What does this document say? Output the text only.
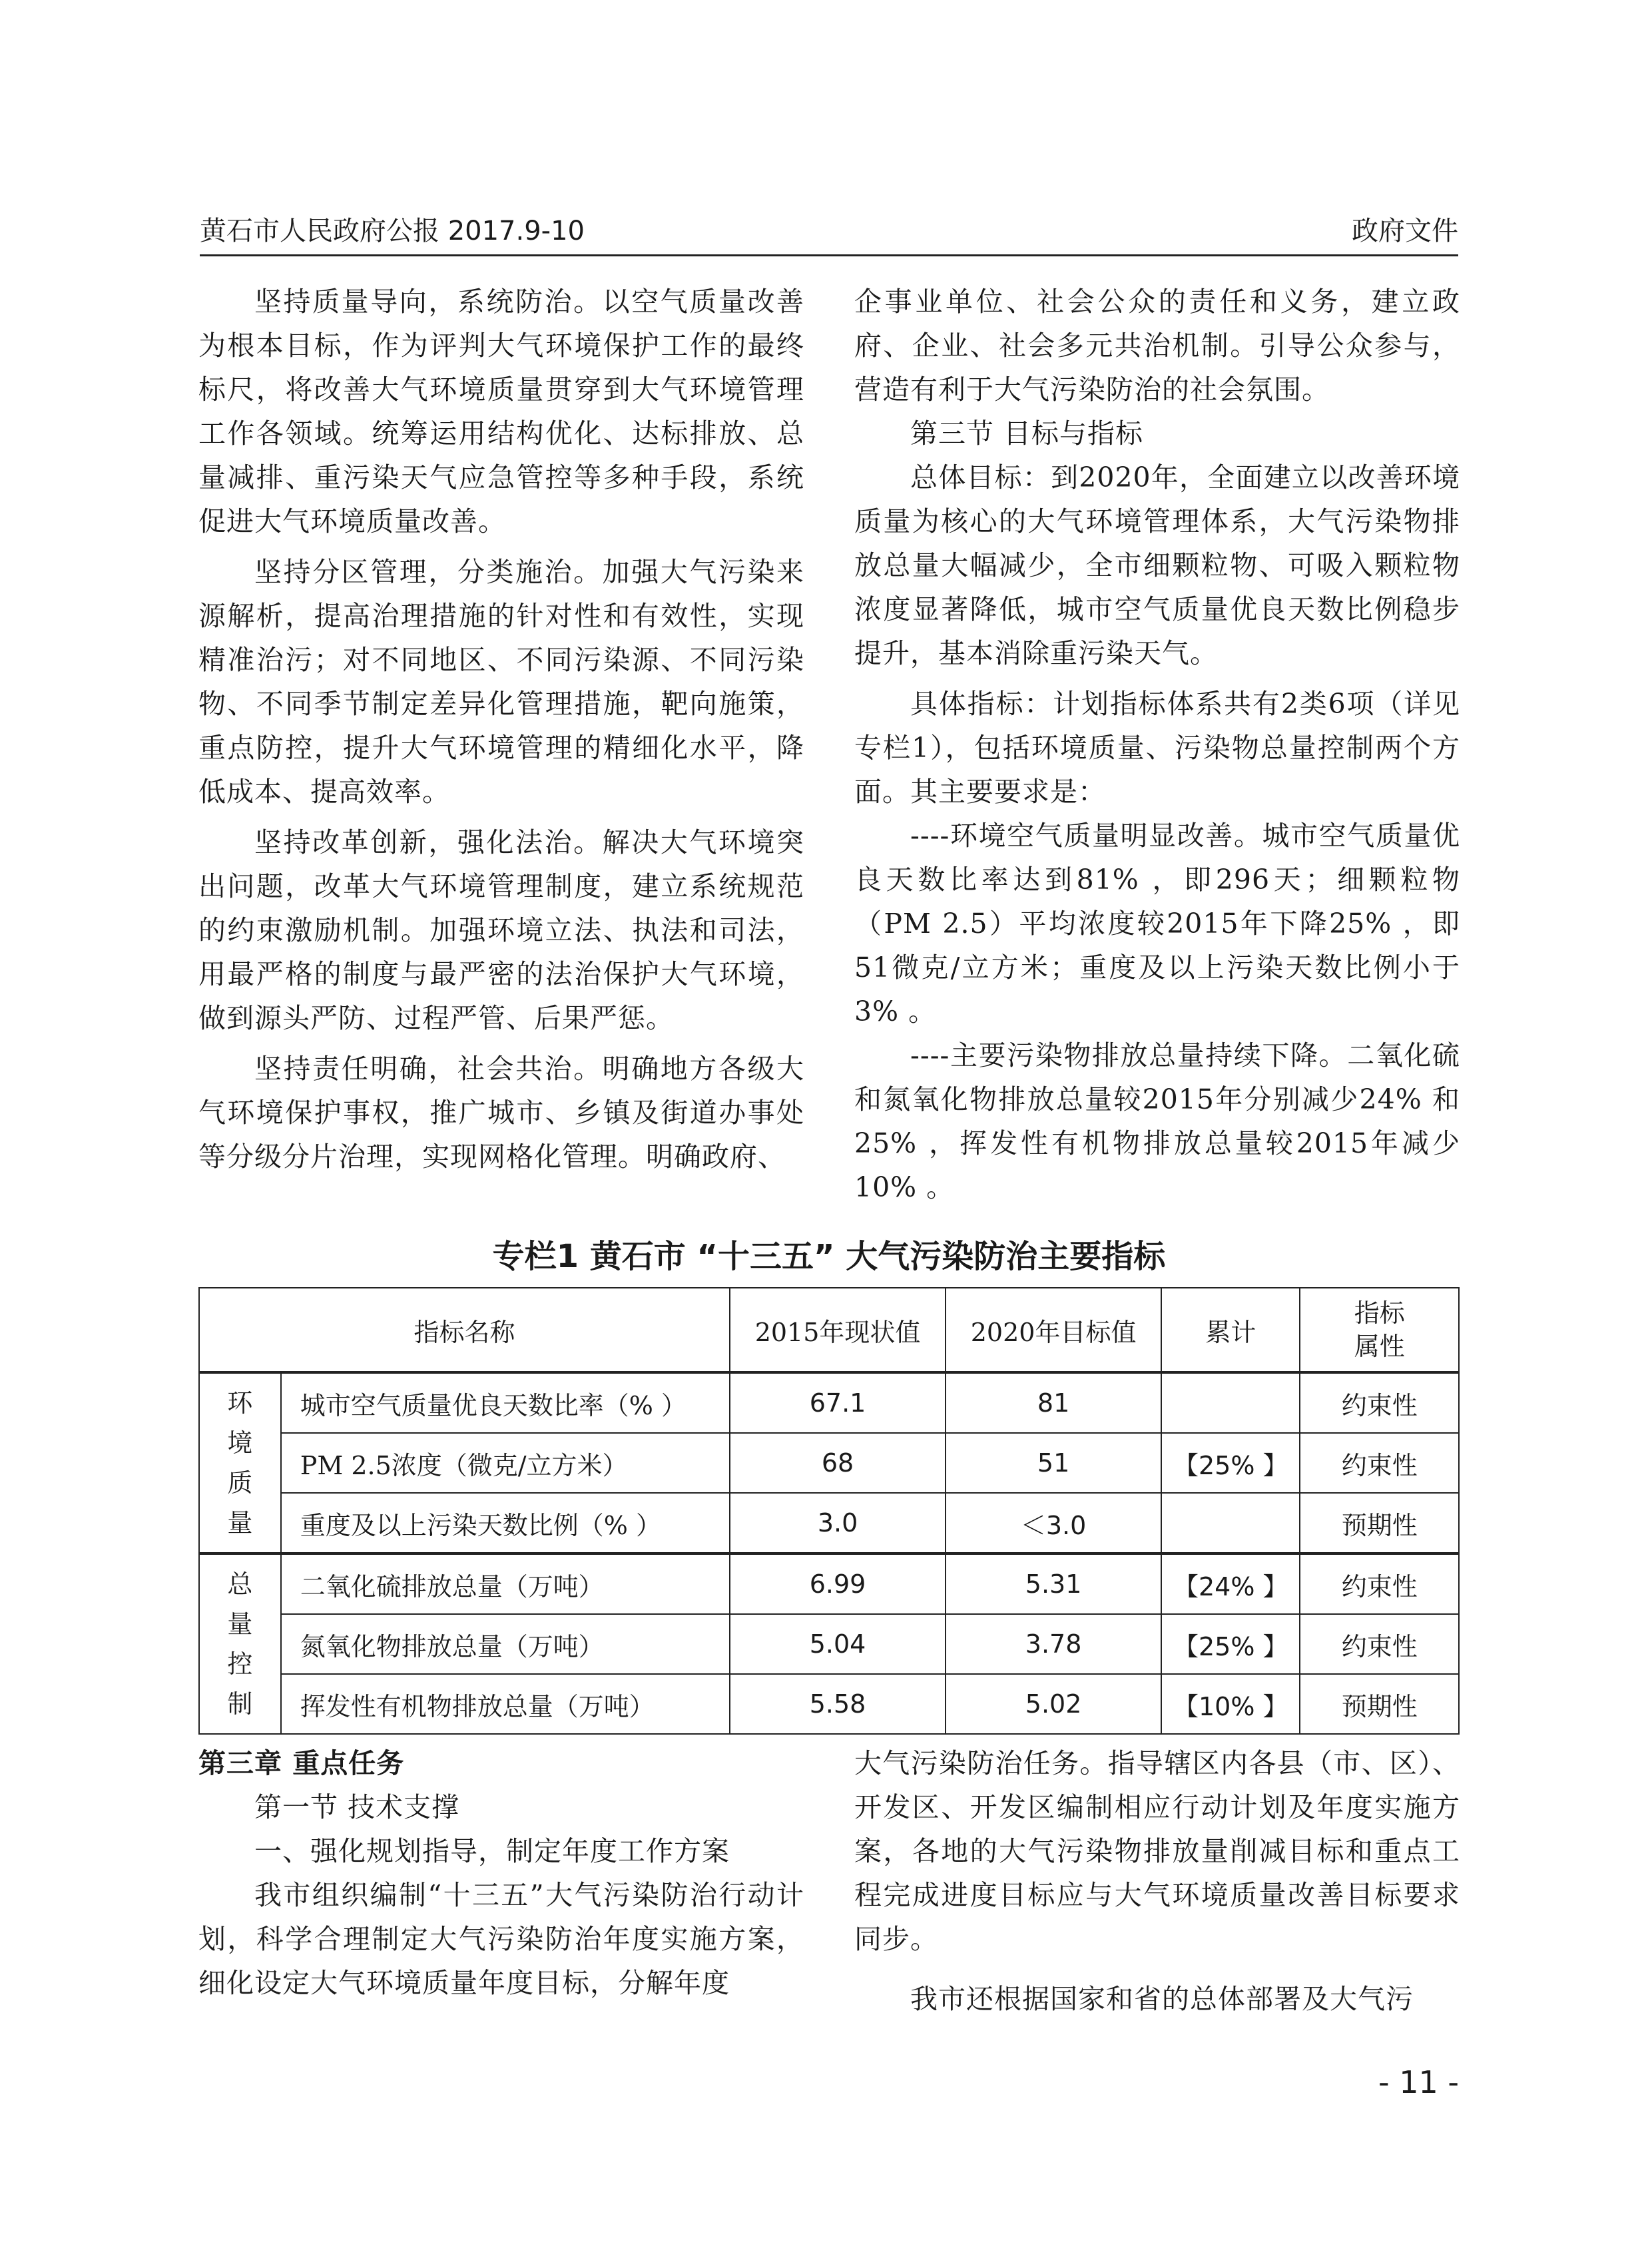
黄石市人民政府公报 2017.9-10	政府文件

坚持质量导向，系统防治。以空气质量改善为根本目标，作为评判大气环境保护工作的最终标尺，将改善大气环境质量贯穿到大气环境管理工作各领域。统筹运用结构优化、达标排放、总量减排、重污染天气应急管控等多种手段，系统促进大气环境质量改善。

坚持分区管理，分类施治。加强大气污染来源解析，提高治理措施的针对性和有效性，实现精准治污；对不同地区、不同污染源、不同污染物、不同季节制定差异化管理措施，靶向施策，重点防控，提升大气环境管理的精细化水平，降低成本、提高效率。

坚持改革创新，强化法治。解决大气环境突出问题，改革大气环境管理制度，建立系统规范的约束激励机制。加强环境立法、执法和司法，用最严格的制度与最严密的法治保护大气环境，做到源头严防、过程严管、后果严惩。

坚持责任明确，社会共治。明确地方各级大气环境保护事权，推广城市、乡镇及街道办事处等分级分片治理，实现网格化管理。明确政府、

企事业单位、社会公众的责任和义务，建立政府、企业、社会多元共治机制。引导公众参与，营造有利于大气污染防治的社会氛围。

第三节 目标与指标

总体目标：到2020年，全面建立以改善环境质量为核心的大气环境管理体系，大气污染物排放总量大幅减少，全市细颗粒物、可吸入颗粒物浓度显著降低，城市空气质量优良天数比例稳步提升，基本消除重污染天气。

具体指标：计划指标体系共有2类6项（详见专栏1），包括环境质量、污染物总量控制两个方面。其主要要求是：

----环境空气质量明显改善。城市空气质量优良天数比率达到81% ，即296天；细颗粒物（PM 2.5）平均浓度较2015年下降25% ，即51微克/立方米；重度及以上污染天数比例小于3% 。

----主要污染物排放总量持续下降。二氧化硫和氮氧化物排放总量较2015年分别减少24% 和25% ，挥发性有机物排放总量较2015年减少10% 。

专栏1 黄石市 “十三五” 大气污染防治主要指标
指标名称		2015年现状值	2020年目标值	累计	指标
属性
环
境
质
量	城市空气质量优良天数比率（% ）	67.1	81		约束性
	PM 2.5浓度（微克/立方米）	68	51	【25% 】	约束性
	重度及以上污染天数比例（% ）	3.0	＜3.0		预期性
总
量
控
制	二氧化硫排放总量（万吨）	6.99	5.31	【24% 】	约束性
	氮氧化物排放总量（万吨）	5.04	3.78	【25% 】	约束性
	挥发性有机物排放总量（万吨）	5.58	5.02	【10% 】	预期性

第三章 重点任务

第一节 技术支撑

一、强化规划指导，制定年度工作方案

我市组织编制“十三五”大气污染防治行动计划，科学合理制定大气污染防治年度实施方案，细化设定大气环境质量年度目标，分解年度

大气污染防治任务。指导辖区内各县（市、区）、开发区、开发区编制相应行动计划及年度实施方案，各地的大气污染物排放量削减目标和重点工程完成进度目标应与大气环境质量改善目标要求同步。

我市还根据国家和省的总体部署及大气污

- 11 -
